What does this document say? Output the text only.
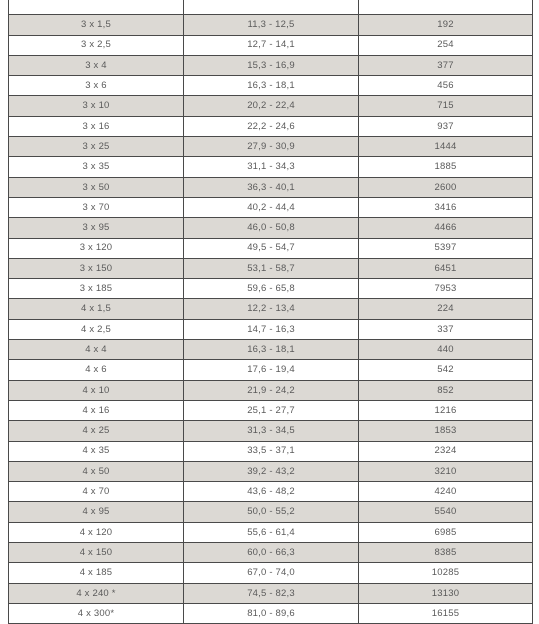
3 x 1,5	11,3 - 12,5	192
3 x 2,5	12,7 - 14,1	254
3 x 4	15,3 - 16,9	377
3 x 6	16,3 - 18,1	456
3 x 10	20,2 - 22,4	715
3 x 16	22,2 - 24,6	937
3 x 25	27,9 - 30,9	1444
3 x 35	31,1 - 34,3	1885
3 x 50	36,3 - 40,1	2600
3 x 70	40,2 - 44,4	3416
3 x 95	46,0 - 50,8	4466
3 x 120	49,5 - 54,7	5397
3 x 150	53,1 - 58,7	6451
3 x 185	59,6 - 65,8	7953
4 x 1,5	12,2 - 13,4	224
4 x 2,5	14,7 - 16,3	337
4 x 4	16,3 - 18,1	440
4 x 6	17,6 - 19,4	542
4 x 10	21,9 - 24,2	852
4 x 16	25,1 - 27,7	1216
4 x 25	31,3 - 34,5	1853
4 x 35	33,5 - 37,1	2324
4 x 50	39,2 - 43,2	3210
4 x 70	43,6 - 48,2	4240
4 x 95	50,0 - 55,2	5540
4 x 120	55,6 - 61,4	6985
4 x 150	60,0 - 66,3	8385
4 x 185	67,0 - 74,0	10285
4 x 240 *	74,5 - 82,3	13130
4 x 300*	81,0 - 89,6	16155
